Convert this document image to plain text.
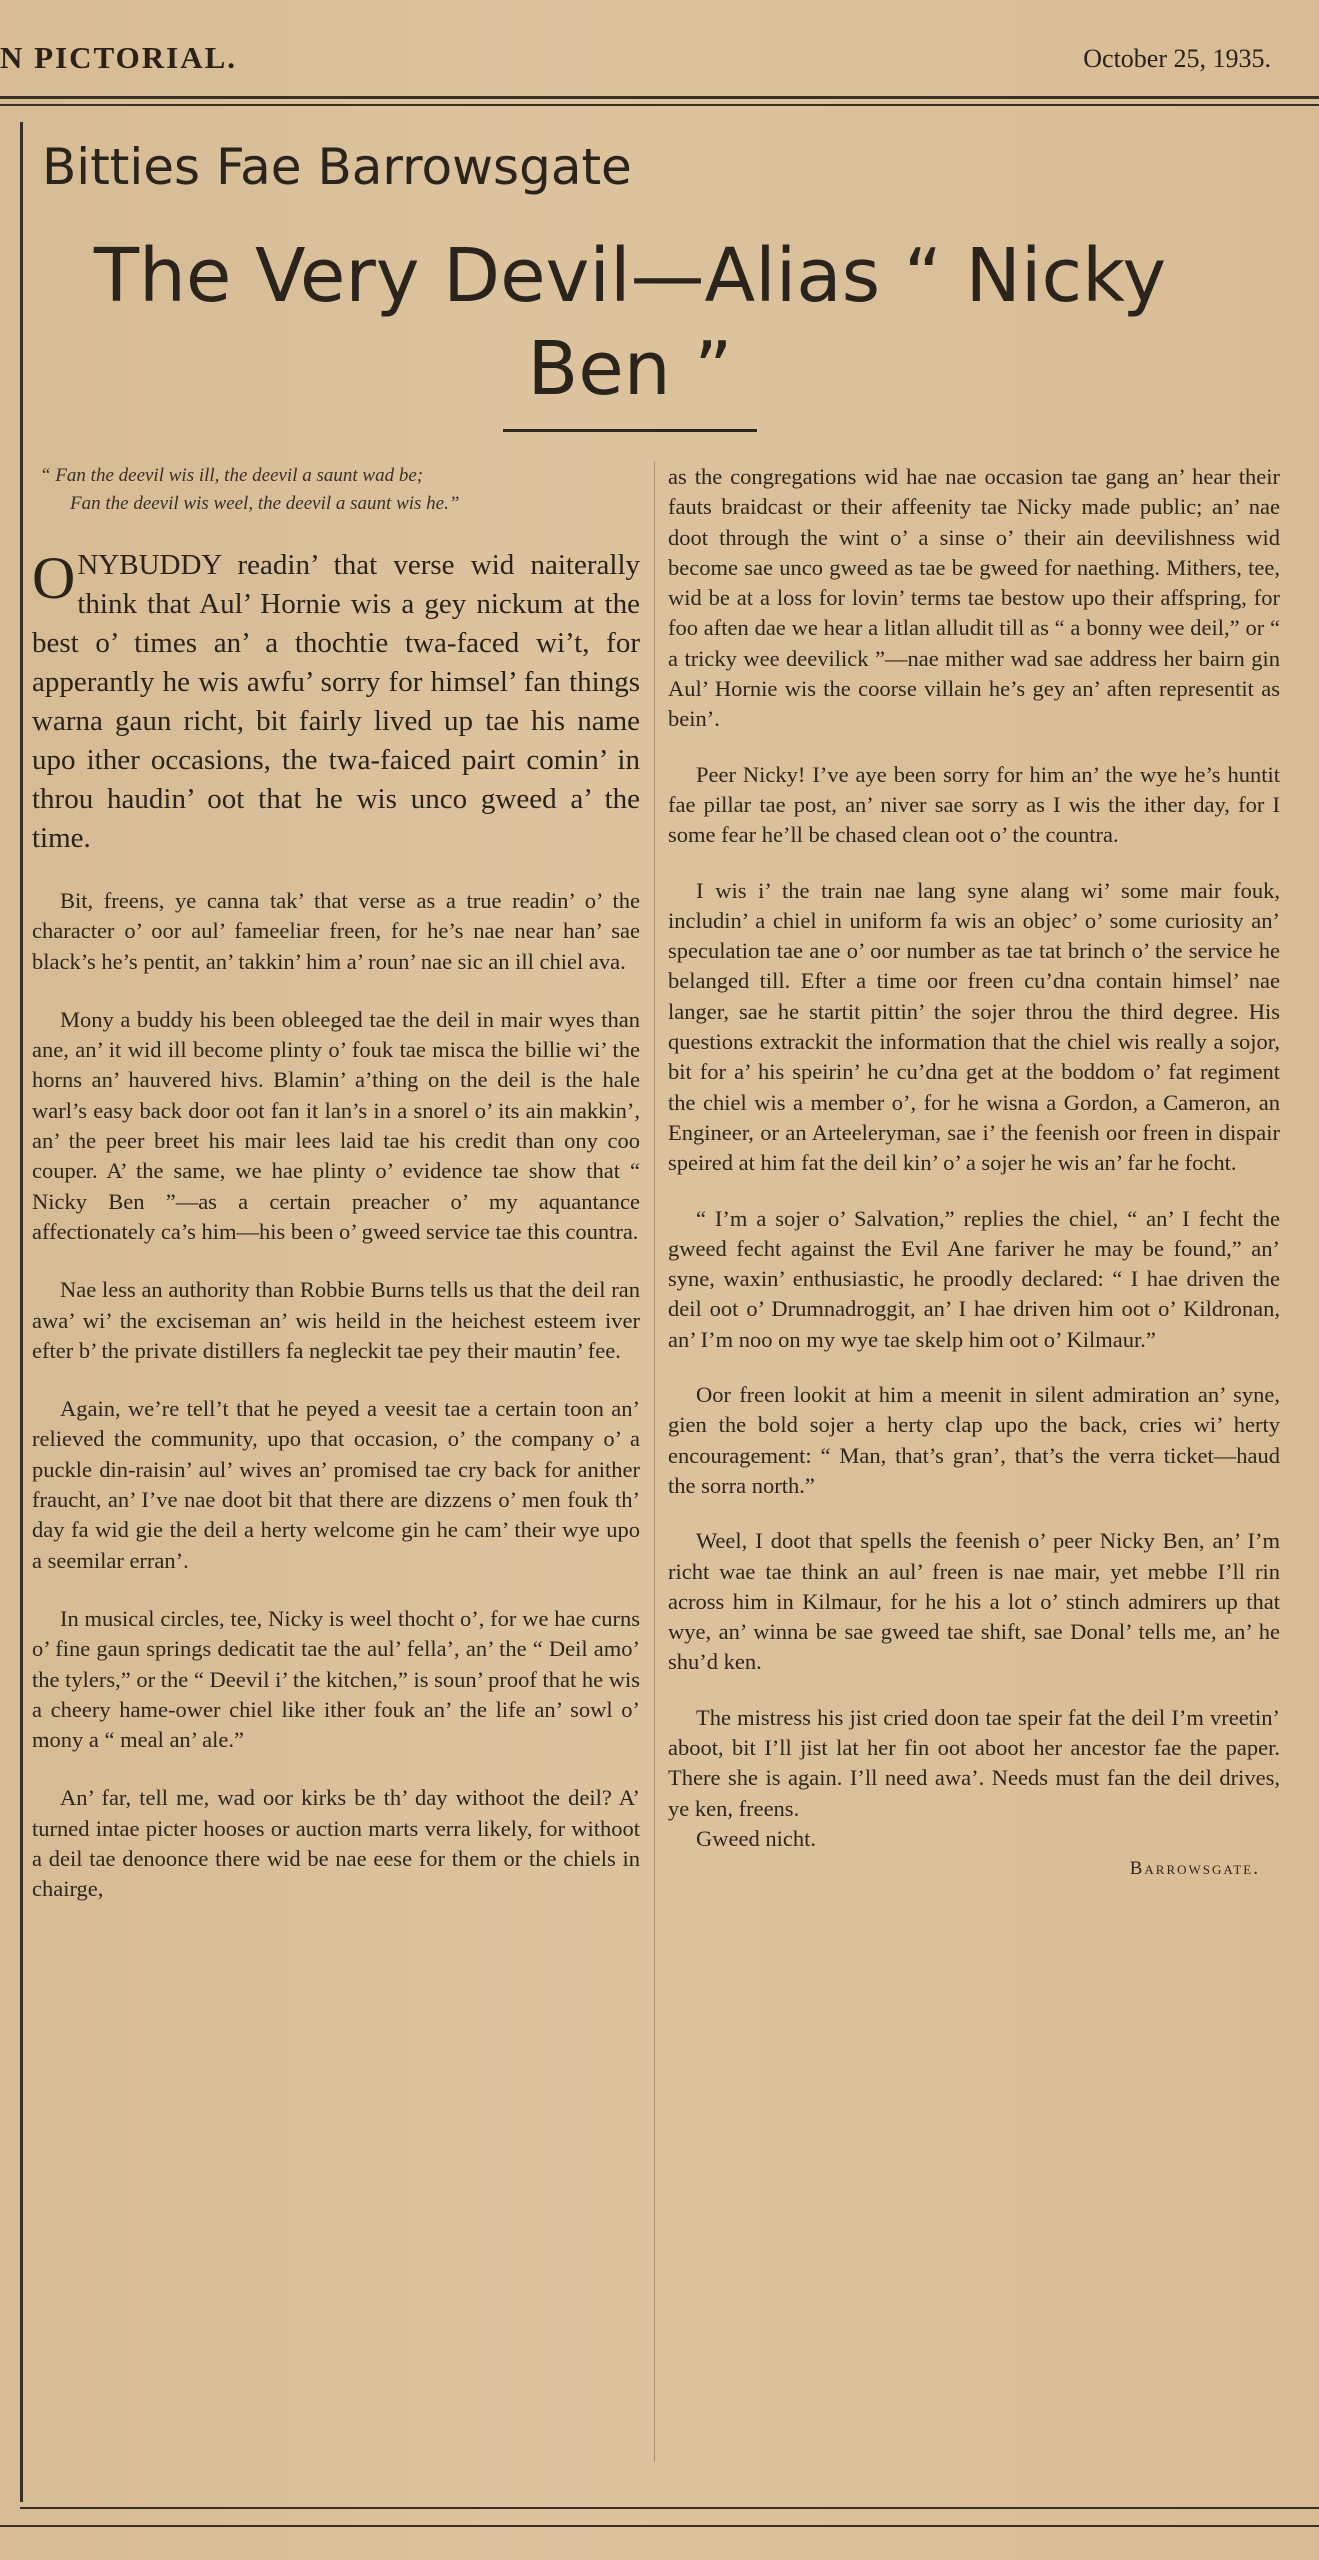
N PICTORIAL.	October 25, 1935.
Bitties Fae Barrowsgate
The Very Devil—Alias “ Nicky
Ben ”
“ Fan the deevil wis ill, the deevil a saunt wad be;
Fan the deevil wis weel, the deevil a saunt wis he.”
ONYBUDDY readin’ that verse wid naiterally think that Aul’ Hornie wis a gey nickum at the best o’ times an’ a thochtie twa-faced wi’t, for apperantly he wis awfu’ sorry for himsel’ fan things warna gaun richt, bit fairly lived up tae his name upo ither occasions, the twa-faiced pairt comin’ in throu haudin’ oot that he wis unco gweed a’ the time.

Bit, freens, ye canna tak’ that verse as a true readin’ o’ the character o’ oor aul’ fameeliar freen, for he’s nae near han’ sae black’s he’s pentit, an’ takkin’ him a’ roun’ nae sic an ill chiel ava.

Mony a buddy his been obleeged tae the deil in mair wyes than ane, an’ it wid ill become plinty o’ fouk tae misca the billie wi’ the horns an’ hauvered hivs. Blamin’ a’thing on the deil is the hale warl’s easy back door oot fan it lan’s in a snorel o’ its ain makkin’, an’ the peer breet his mair lees laid tae his credit than ony coo couper. A’ the same, we hae plinty o’ evidence tae show that “ Nicky Ben ”—as a certain preacher o’ my aquantance affectionately ca’s him—his been o’ gweed service tae this countra.

Nae less an authority than Robbie Burns tells us that the deil ran awa’ wi’ the exciseman an’ wis heild in the heichest esteem iver efter b’ the private distillers fa negleckit tae pey their mautin’ fee.

Again, we’re tell’t that he peyed a veesit tae a certain toon an’ relieved the community, upo that occasion, o’ the company o’ a puckle din-raisin’ aul’ wives an’ promised tae cry back for anither fraucht, an’ I’ve nae doot bit that there are dizzens o’ men fouk th’ day fa wid gie the deil a herty welcome gin he cam’ their wye upo a seemilar erran’.

In musical circles, tee, Nicky is weel thocht o’, for we hae curns o’ fine gaun springs dedicatit tae the aul’ fella’, an’ the “ Deil amo’ the tylers,” or the “ Deevil i’ the kitchen,” is soun’ proof that he wis a cheery hame-ower chiel like ither fouk an’ the life an’ sowl o’ mony a “ meal an’ ale.”

An’ far, tell me, wad oor kirks be th’ day withoot the deil? A’ turned intae picter hooses or auction marts verra likely, for withoot a deil tae denoonce there wid be nae eese for them or the chiels in chairge,

as the congregations wid hae nae occasion tae gang an’ hear their fauts braidcast or their affeenity tae Nicky made public; an’ nae doot through the wint o’ a sinse o’ their ain deevilishness wid become sae unco gweed as tae be gweed for naething. Mithers, tee, wid be at a loss for lovin’ terms tae bestow upo their affspring, for foo aften dae we hear a litlan alludit till as “ a bonny wee deil,” or “ a tricky wee deevilick ”—nae mither wad sae address her bairn gin Aul’ Hornie wis the coorse villain he’s gey an’ aften representit as bein’.

Peer Nicky! I’ve aye been sorry for him an’ the wye he’s huntit fae pillar tae post, an’ niver sae sorry as I wis the ither day, for I some fear he’ll be chased clean oot o’ the countra.

I wis i’ the train nae lang syne alang wi’ some mair fouk, includin’ a chiel in uniform fa wis an objec’ o’ some curiosity an’ speculation tae ane o’ oor number as tae tat brinch o’ the service he belanged till. Efter a time oor freen cu’dna contain himsel’ nae langer, sae he startit pittin’ the sojer throu the third degree. His questions extrackit the information that the chiel wis really a sojor, bit for a’ his speirin’ he cu’dna get at the boddom o’ fat regiment the chiel wis a member o’, for he wisna a Gordon, a Cameron, an Engineer, or an Arteeleryman, sae i’ the feenish oor freen in dispair speired at him fat the deil kin’ o’ a sojer he wis an’ far he focht.

“ I’m a sojer o’ Salvation,” replies the chiel, “ an’ I fecht the gweed fecht against the Evil Ane fariver he may be found,” an’ syne, waxin’ enthusiastic, he proodly declared: “ I hae driven the deil oot o’ Drumnadroggit, an’ I hae driven him oot o’ Kildronan, an’ I’m noo on my wye tae skelp him oot o’ Kilmaur.”

Oor freen lookit at him a meenit in silent admiration an’ syne, gien the bold sojer a herty clap upo the back, cries wi’ herty encouragement: “ Man, that’s gran’, that’s the verra ticket—haud the sorra north.”

Weel, I doot that spells the feenish o’ peer Nicky Ben, an’ I’m richt wae tae think an aul’ freen is nae mair, yet mebbe I’ll rin across him in Kilmaur, for he his a lot o’ stinch admirers up that wye, an’ winna be sae gweed tae shift, sae Donal’ tells me, an’ he shu’d ken.

The mistress his jist cried doon tae speir fat the deil I’m vreetin’ aboot, bit I’ll jist lat her fin oot aboot her ancestor fae the paper. There she is again. I’ll need awa’. Needs must fan the deil drives, ye ken, freens.

Gweed nicht.

Barrowsgate.
